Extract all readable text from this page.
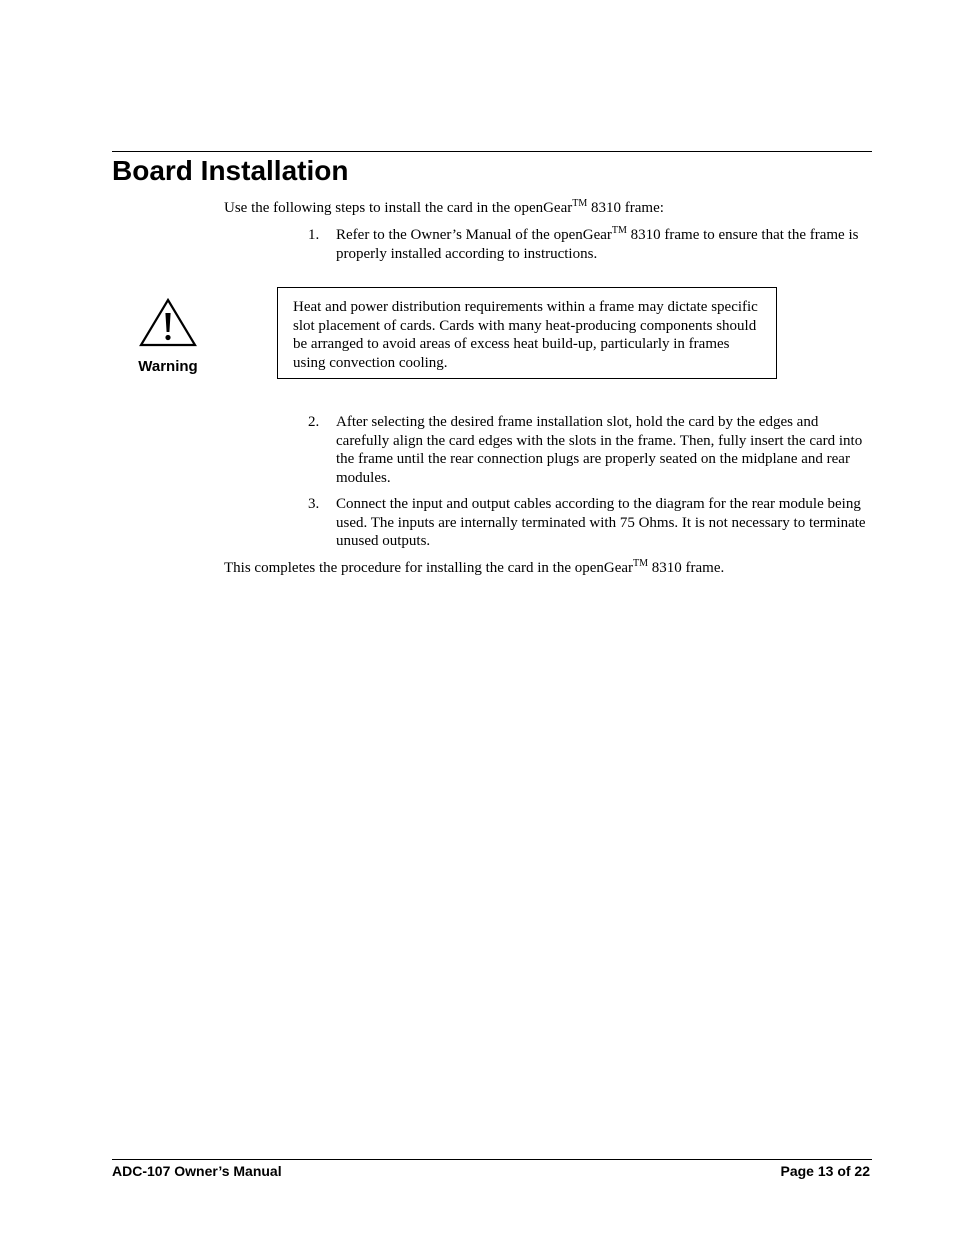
Board Installation
Use the following steps to install the card in the openGear™ 8310 frame:
1.	Refer to the Owner’s Manual of the openGear™ 8310 frame to ensure that the frame is properly installed according to instructions.
Warning
Heat and power distribution requirements within a frame may dictate specific slot placement of cards. Cards with many heat-producing components should be arranged to avoid areas of excess heat build-up, particularly in frames using convection cooling.
2.	After selecting the desired frame installation slot, hold the card by the edges and carefully align the card edges with the slots in the frame. Then, fully insert the card into the frame until the rear connection plugs are properly seated on the midplane and rear modules.
3.	Connect the input and output cables according to the diagram for the rear module being used. The inputs are internally terminated with 75 Ohms. It is not necessary to terminate unused outputs.
This completes the procedure for installing the card in the openGear™ 8310 frame.
ADC-107 Owner’s Manual	Page 13 of 22
